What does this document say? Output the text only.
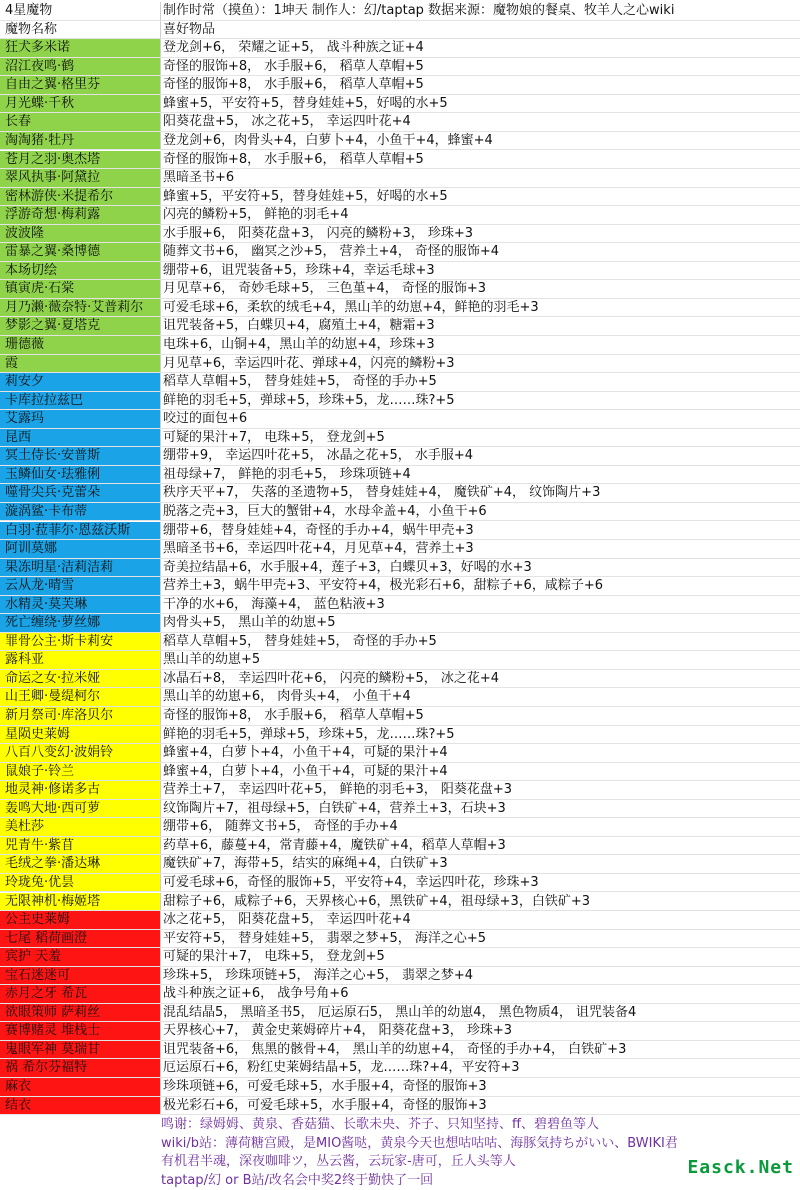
4星魔物	制作时常（摸鱼）：1坤天 制作人：幻/taptap 数据来源：魔物娘的餐桌、牧羊人之心wiki
魔物名称	喜好物品
狂犬多米诺	登龙剑+6， 荣耀之证+5， 战斗种族之证+4
沼江夜鸣·鹤	奇怪的服饰+8， 水手服+6， 稻草人草帽+5
自由之翼·格里芬	奇怪的服饰+8， 水手服+6， 稻草人草帽+5
月光蝶·千秋	蜂蜜+5，平安符+5，替身娃娃+5，好喝的水+5
长春	阳葵花盘+5， 冰之花+5， 幸运四叶花+4
淘淘猪·牡丹	登龙剑+6，肉骨头+4，白萝卜+4，小鱼干+4，蜂蜜+4
苍月之羽·奥杰塔	奇怪的服饰+8， 水手服+6， 稻草人草帽+5
翠风执事·阿黛拉	黑暗圣书+6
密林游侠·米提希尔	蜂蜜+5，平安符+5，替身娃娃+5，好喝的水+5
浮游奇想·梅莉露	闪亮的鳞粉+5， 鲜艳的羽毛+4
波波隆	水手服+6， 阳葵花盘+3， 闪亮的鳞粉+3， 珍珠+3
雷暴之翼·桑博德	随葬文书+6， 幽冥之沙+5， 营养土+4， 奇怪的服饰+4
本场切绘	绷带+6，诅咒装备+5，珍珠+4，幸运毛球+3
镇寅虎·石棠	月见草+6， 奇妙毛球+5， 三色堇+4， 奇怪的服饰+3
月乃濑·薇奈特·艾普莉尔	可爱毛球+6，柔软的绒毛+4，黑山羊的幼崽+4，鲜艳的羽毛+3
梦影之翼·夏塔克	诅咒装备+5，白蝶贝+4，腐殖土+4，糖霜+3
珊德薇	电珠+6，山铜+4，黑山羊的幼崽+4，珍珠+3
霞	月见草+6，幸运四叶花、弹球+4，闪亮的鳞粉+3
莉安夕	稻草人草帽+5， 替身娃娃+5， 奇怪的手办+5
卡库拉拉兹巴	鲜艳的羽毛+5，弹球+5，珍珠+5，龙……珠?+5
艾露玛	咬过的面包+6
昆西	可疑的果汁+7， 电珠+5， 登龙剑+5
冥土侍长·安普斯	绷带+9， 幸运四叶花+5， 冰晶之花+5， 水手服+4
玉鳞仙女·珐雅俐	祖母绿+7， 鲜艳的羽毛+5， 珍珠项链+4
噬骨尖兵·克蕾朵	秩序天平+7， 失落的圣遗物+5， 替身娃娃+4， 魔铁矿+4， 纹饰陶片+3
漩涡鲨·卡布蒂	脱落之壳+3，巨大的蟹钳+4，水母伞盖+4，小鱼干+6
白羽·菈菲尔·恩兹沃斯	绷带+6，替身娃娃+4，奇怪的手办+4，蜗牛甲壳+3
阿训莫娜	黑暗圣书+6，幸运四叶花+4，月见草+4，营养土+3
果冻明星·洁莉洁莉	奇美拉结晶+6，水手服+4，莲子+3，白蝶贝+3，好喝的水+3
云从龙·晴雪	营养土+3，蜗牛甲壳+3、平安符+4，极光彩石+6，甜粽子+6，咸粽子+6
水精灵·莫芙琳	干净的水+6， 海藻+4， 蓝色粘液+3
死亡缠绕·萝丝娜	肉骨头+5， 黑山羊的幼崽+5
罪骨公主·斯卡莉安	稻草人草帽+5， 替身娃娃+5， 奇怪的手办+5
露科亚	黑山羊的幼崽+5
命运之女·拉米娅	冰晶石+8， 幸运四叶花+6， 闪亮的鳞粉+5， 冰之花+4
山王卿·曼缇柯尔	黑山羊的幼崽+6， 肉骨头+4， 小鱼干+4
新月祭司·库洛贝尔	奇怪的服饰+8， 水手服+6， 稻草人草帽+5
星陨史莱姆	鲜艳的羽毛+5，弹球+5，珍珠+5，龙……珠?+5
八百八变幻·波娟铃	蜂蜜+4，白萝卜+4，小鱼干+4，可疑的果汁+4
鼠娘子·铃兰	蜂蜜+4，白萝卜+4，小鱼干+4，可疑的果汁+4
地灵神·修诺多古	营养土+7， 幸运四叶花+5， 鲜艳的羽毛+3， 阳葵花盘+3
轰鸣大地·西可萝	纹饰陶片+7，祖母绿+5，白铁矿+4，营养土+3，石块+3
美杜莎	绷带+6， 随葬文书+5， 奇怪的手办+4
兕青牛·紫苜	药草+6，藤蔓+4，常青藤+4，魔铁矿+4，稻草人草帽+3
毛绒之拳·潘达琳	魔铁矿+7，海带+5，结实的麻绳+4，白铁矿+3
玲珑兔·优昙	可爱毛球+6，奇怪的服饰+5，平安符+4，幸运四叶花，珍珠+3
无限神机·梅姬塔	甜粽子+6，咸粽子+6，天界核心+6，黑铁矿+4，祖母绿+3，白铁矿+3
公主史莱姆	冰之花+5， 阳葵花盘+5， 幸运四叶花+4
七尾 稻荷画澄	平安符+5， 替身娃娃+5， 翡翠之梦+5， 海洋之心+5
宾护 天羞	可疑的果汁+7， 电珠+5， 登龙剑+5
宝石迷迷可	珍珠+5， 珍珠项链+5， 海洋之心+5， 翡翠之梦+4
赤月之牙 希瓦	战斗种族之证+6， 战争号角+6
欲眼策师 萨莉丝	混乱结晶5， 黑暗圣书5， 厄运原石5， 黑山羊的幼崽4， 黑色物质4， 诅咒装备4
赛博赌灵 堆栈士	天界核心+7， 黄金史莱姆碎片+4， 阳葵花盘+3， 珍珠+3
鬼眼军神 莫瑞甘	诅咒装备+6， 焦黑的骸骨+4， 黑山羊的幼崽+4， 奇怪的手办+4， 白铁矿+3
祸 希尔芬福特	厄运原石+6，粉红史莱姆结晶+5，龙……珠?+4，平安符+3
麻衣	珍珠项链+6，可爱毛球+5，水手服+4，奇怪的服饰+3
结衣	极光彩石+6，可爱毛球+5，水手服+4，奇怪的服饰+3
鸣谢：绿姆姆、黄泉、香菇猫、长歌未央、芥子、只知坚持、ff、碧碧鱼等人
wiki/b站：薄荷糖宫殿，是MIO酱哒，黄泉今天也想咕咕咕、海豚気持ちがいい、BWIKI君
有机君半魂，深夜咖啡ツ，丛云酱，云玩家-唐可，丘人头等人
taptap/幻 or B站/改名会中奖2终于勤快了一回
Easck.Net
